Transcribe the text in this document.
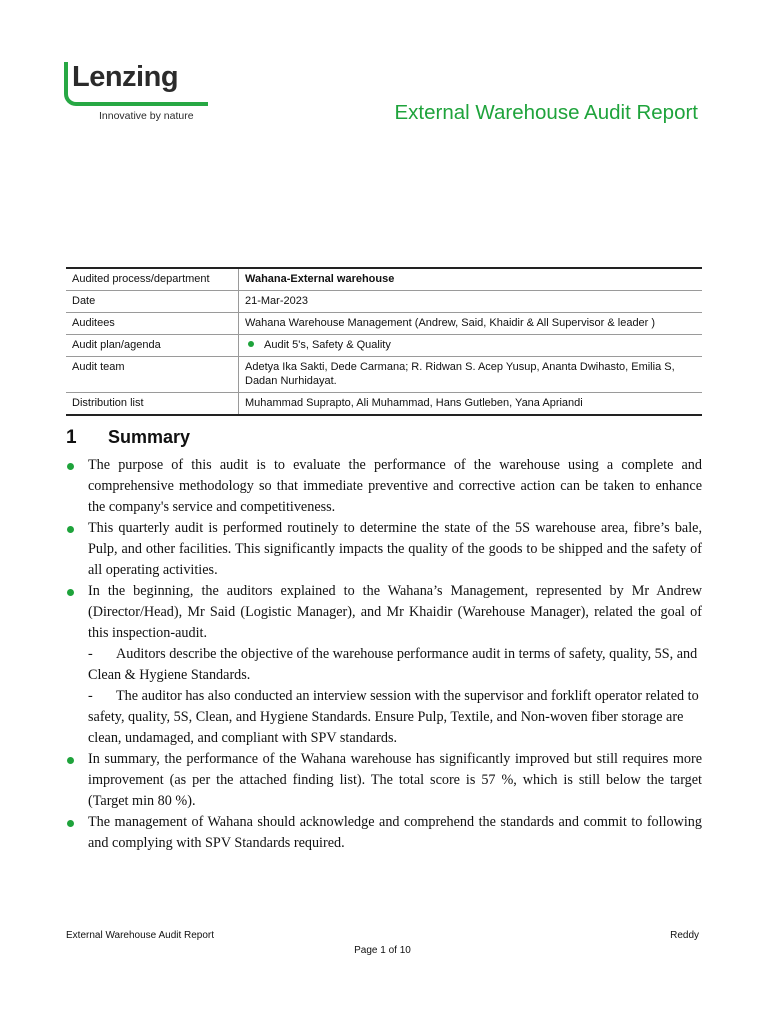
Lenzing
Innovative by nature	External Warehouse Audit Report
Audited process/department	Wahana-External warehouse
Date	21-Mar-2023
Auditees	Wahana Warehouse Management (Andrew, Said, Khaidir & All Supervisor & leader )
Audit plan/agenda	Audit 5's, Safety & Quality
Audit team	Adetya Ika Sakti, Dede Carmana; R. Ridwan S. Acep Yusup, Ananta Dwihasto, Emilia S, Dadan Nurhidayat.
Distribution list	Muhammad Suprapto, Ali Muhammad, Hans Gutleben, Yana Apriandi
1 Summary

The purpose of this audit is to evaluate the performance of the warehouse using a complete and comprehensive methodology so that immediate preventive and corrective action can be taken to enhance the company's service and competitiveness.

This quarterly audit is performed routinely to determine the state of the 5S warehouse area, fibre’s bale, Pulp, and other facilities. This significantly impacts the quality of the goods to be shipped and the safety of all operating activities.

In the beginning, the auditors explained to the Wahana’s Management, represented by Mr Andrew (Director/Head), Mr Said (Logistic Manager), and Mr Khaidir (Warehouse Manager), related the goal of this inspection-audit.

- Auditors describe the objective of the warehouse performance audit in terms of safety, quality, 5S, and Clean & Hygiene Standards.

- The auditor has also conducted an interview session with the supervisor and forklift operator related to safety, quality, 5S, Clean, and Hygiene Standards. Ensure Pulp, Textile, and Non-woven fiber storage are clean, undamaged, and compliant with SPV standards.

In summary, the performance of the Wahana warehouse has significantly improved but still requires more improvement (as per the attached finding list). The total score is 57 %, which is still below the target (Target min 80 %).

The management of Wahana should acknowledge and comprehend the standards and commit to following and complying with SPV Standards required.

External Warehouse Audit Report	Reddy
Page 1 of 10
